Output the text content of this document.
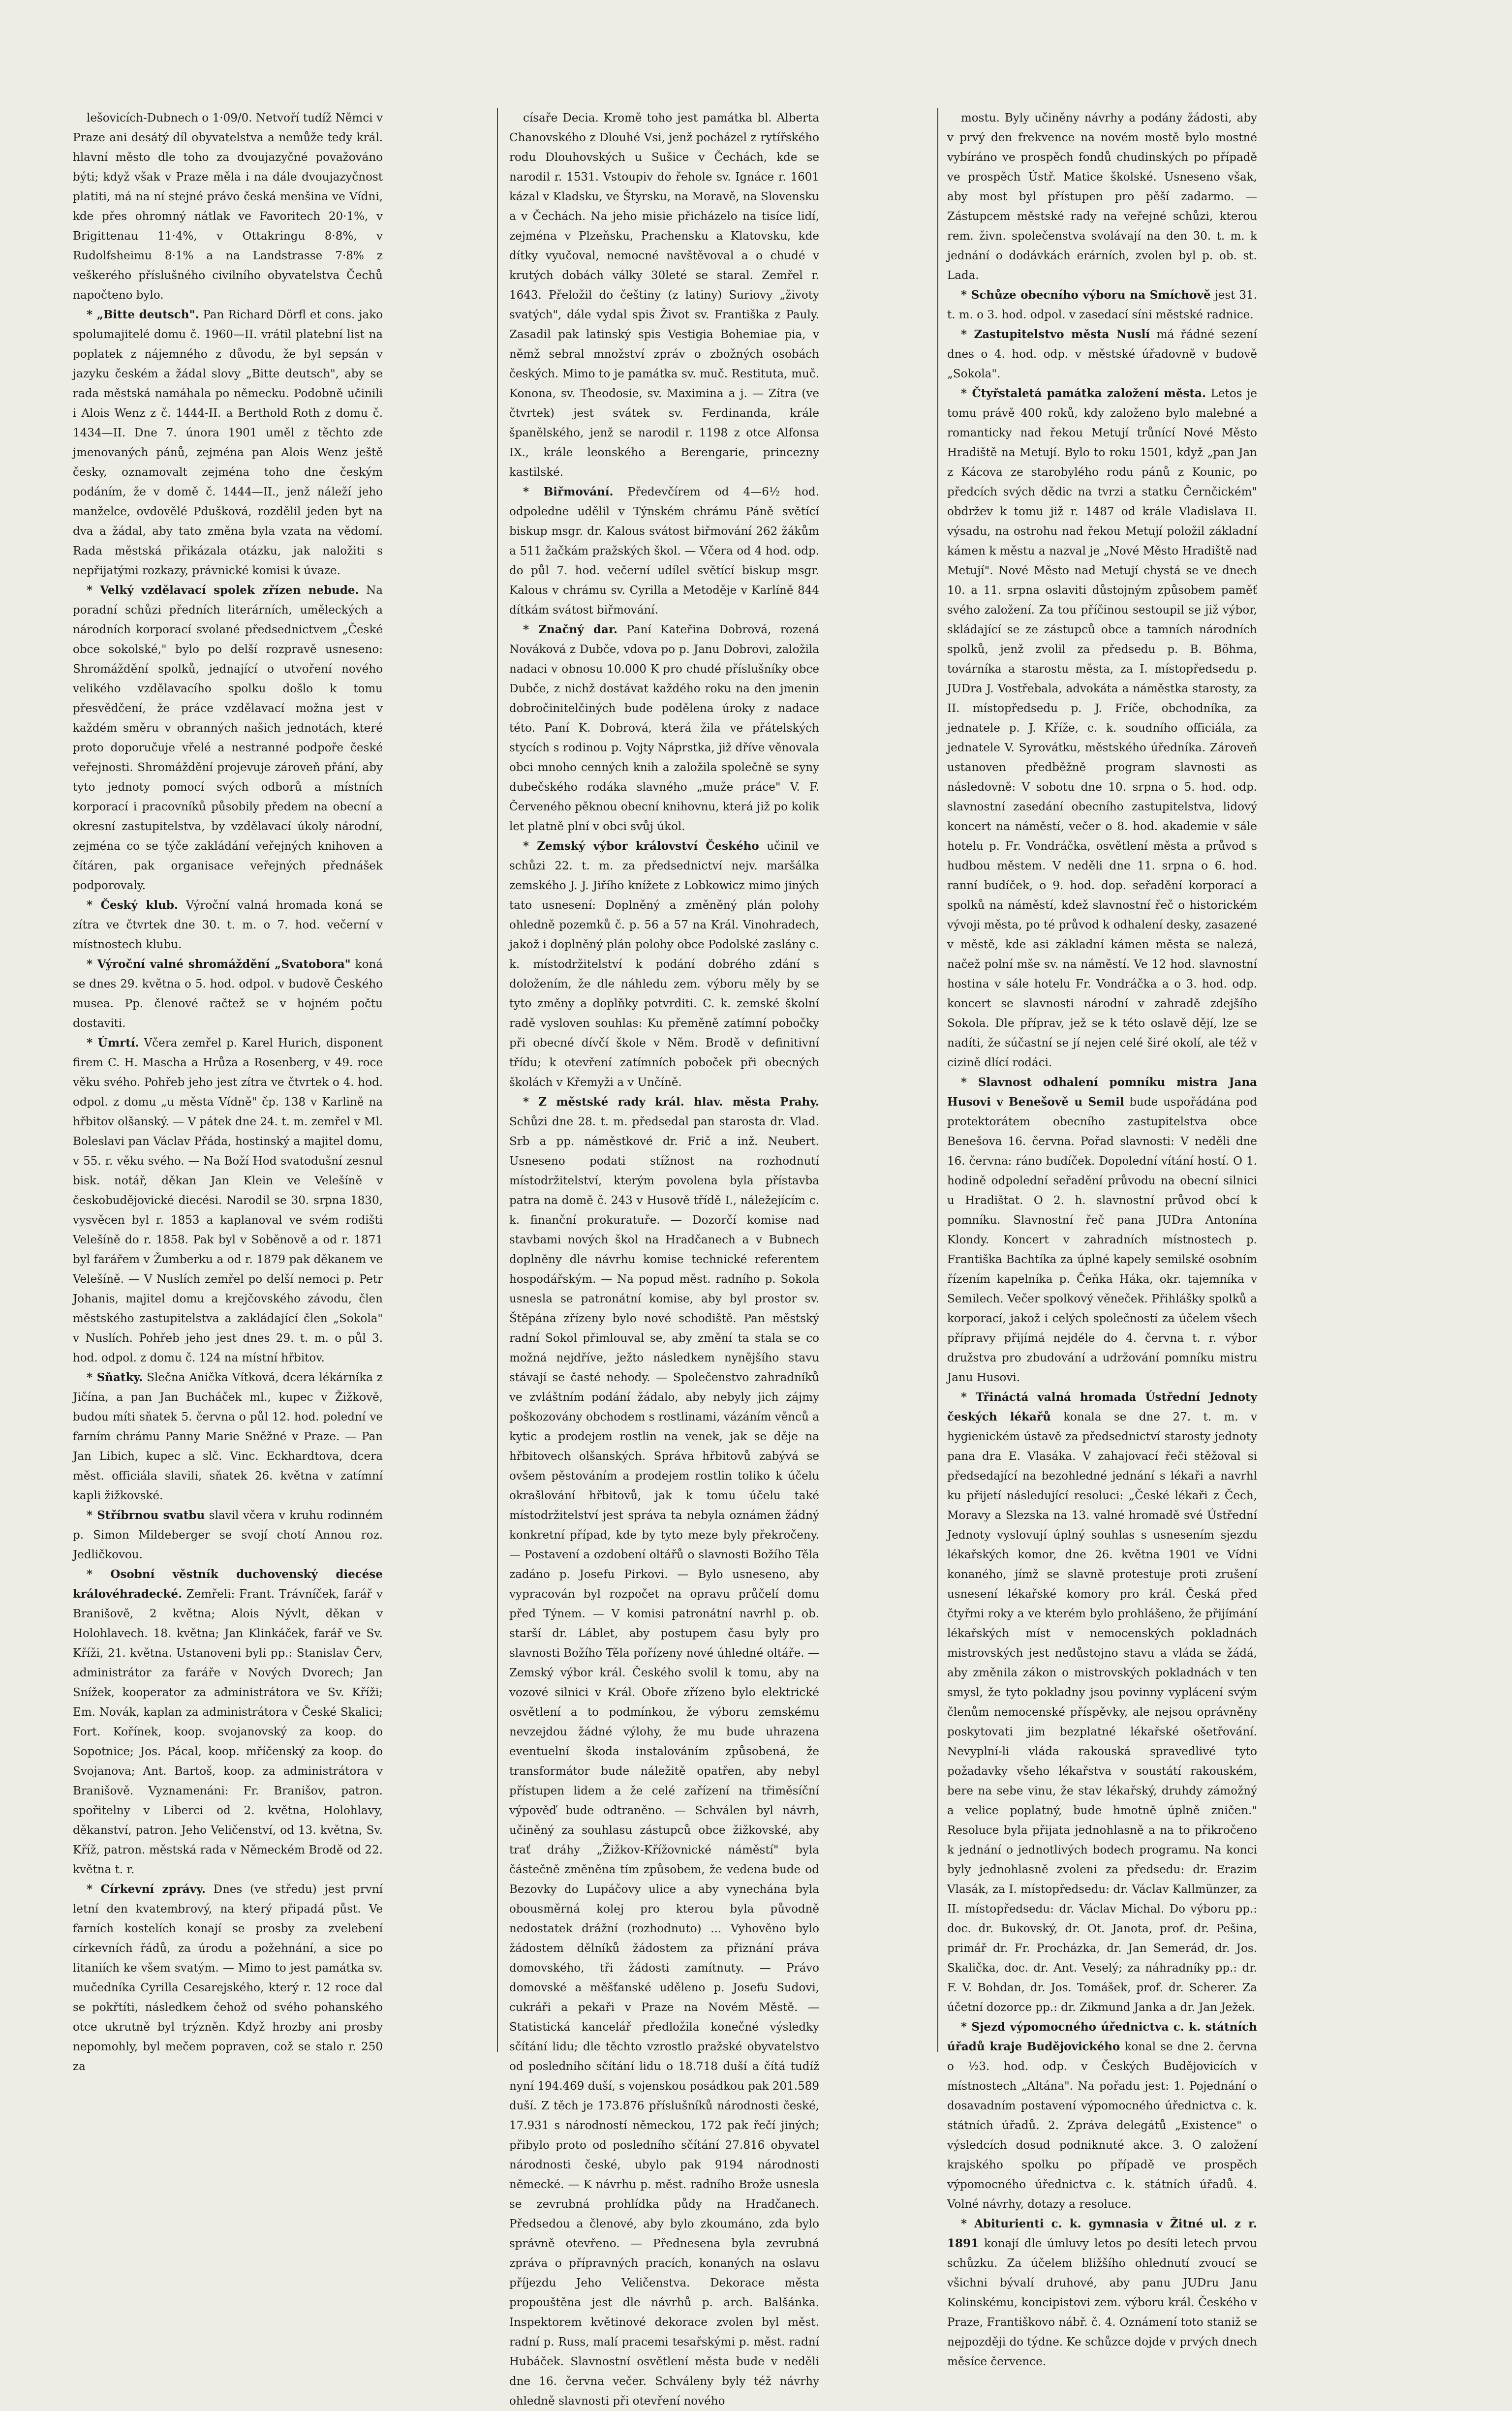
lešovicích-Dubnech o 1·09/0. Netvoří tudíž Němci v Praze ani desátý díl obyvatelstva a nemůže tedy král. hlavní město dle toho za dvoujazyčné považováno býti; když však v Praze měla i na dále dvoujazyčnost platiti, má na ní stejné právo česká menšina ve Vídni, kde přes ohromný nátlak ve Favoritech 20·1%, v Brigittenau 11·4%, v Ottakringu 8·8%, v Rudolfsheimu 8·1% a na Landstrasse 7·8% z veškerého příslušného civilního obyvatelstva Čechů napočteno bylo.

* „Bitte deutsch". Pan Richard Dörfl et cons. jako spolumajitelé domu č. 1960—II. vrátil platební list na poplatek z nájemného z důvodu, že byl sepsán v jazyku českém a žádal slovy „Bitte deutsch", aby se rada městská namáhala po německu. Podobně učinili i Alois Wenz z č. 1444-II. a Berthold Roth z domu č. 1434—II. Dne 7. února 1901 uměl z těchto zde jmenovaných pánů, zejména pan Alois Wenz ještě česky, oznamovalt zejména toho dne českým podáním, že v domě č. 1444—II., jenž náleží jeho manželce, ovdovělé Pdušková, rozdělil jeden byt na dva a žádal, aby tato změna byla vzata na vědomí. Rada městská přikázala otázku, jak naložiti s nepřijatými rozkazy, právnické komisi k úvaze.

* Velký vzdělavací spolek zřízen nebude. Na poradní schůzi předních literárních, uměleckých a národních korporací svolané předsednictvem „České obce sokolské," bylo po delší rozpravě usneseno: Shromáždění spolků, jednající o utvoření nového velikého vzdělavacího spolku došlo k tomu přesvědčení, že práce vzdělavací možna jest v každém směru v obranných našich jednotách, které proto doporučuje vřelé a nestranné podpoře české veřejnosti. Shromáždění projevuje zároveň přání, aby tyto jednoty pomocí svých odborů a místních korporací i pracovníků působily předem na obecní a okresní zastupitelstva, by vzdělavací úkoly národní, zejména co se týče zakládání veřejných knihoven a čítáren, pak organisace veřejných přednášek podporovaly.

* Český klub. Výroční valná hromada koná se zítra ve čtvrtek dne 30. t. m. o 7. hod. večerní v místnostech klubu.

* Výroční valné shromáždění „Svatobora" koná se dnes 29. května o 5. hod. odpol. v budově Českého musea. Pp. členové račtež se v hojném počtu dostaviti.

* Úmrtí. Včera zemřel p. Karel Hurich, disponent firem C. H. Mascha a Hrůza a Rosenberg, v 49. roce věku svého. Pohřeb jeho jest zítra ve čtvrtek o 4. hod. odpol. z domu „u města Vídně" čp. 138 v Karlině na hřbitov olšanský. — V pátek dne 24. t. m. zemřel v Ml. Boleslavi pan Václav Přáda, hostinský a majitel domu, v 55. r. věku svého. — Na Boží Hod svatodušní zesnul bisk. notář, děkan Jan Klein ve Velešíně v českobudějovické diecési. Narodil se 30. srpna 1830, vysvěcen byl r. 1853 a kaplanoval ve svém rodišti Velešíně do r. 1858. Pak byl v Soběnově a od r. 1871 byl farářem v Žumberku a od r. 1879 pak děkanem ve Velešíně. — V Nuslích zemřel po delší nemoci p. Petr Johanis, majitel domu a krejčovského závodu, člen městského zastupitelstva a zakládající člen „Sokola" v Nuslích. Pohřeb jeho jest dnes 29. t. m. o půl 3. hod. odpol. z domu č. 124 na místní hřbitov.

* Sňatky. Slečna Anička Vítková, dcera lékárníka z Jičína, a pan Jan Bucháček ml., kupec v Žižkově, budou míti sňatek 5. června o půl 12. hod. polední ve farním chrámu Panny Marie Sněžné v Praze. — Pan Jan Libich, kupec a slč. Vinc. Eckhardtova, dcera měst. officiála slavili, sňatek 26. května v zatímní kapli žižkovské.

* Stříbrnou svatbu slavil včera v kruhu rodinném p. Simon Mildeberger se svojí chotí Annou roz. Jedličkovou.

* Osobní věstník duchovenský diecése královéhradecké. Zemřeli: Frant. Trávníček, farář v Branišově, 2 května; Alois Nývlt, děkan v Holohlavech. 18. května; Jan Klinkáček, farář ve Sv. Kříži, 21. května. Ustanoveni byli pp.: Stanislav Červ, administrátor za faráře v Nových Dvorech; Jan Snížek, kooperator za administrátora ve Sv. Kříži; Em. Novák, kaplan za administrátora v České Skalici; Fort. Kořínek, koop. svojanovský za koop. do Sopotnice; Jos. Pácal, koop. mříčenský za koop. do Svojanova; Ant. Bartoš, koop. za administrátora v Branišově. Vyznamenáni: Fr. Branišov, patron. spořitelny v Liberci od 2. května, Holohlavy, děkanství, patron. Jeho Veličenství, od 13. května, Sv. Kříž, patron. městská rada v Německém Brodě od 22. května t. r.

* Církevní zprávy. Dnes (ve středu) jest první letní den kvatembrový, na který připadá půst. Ve farních kostelích konají se prosby za zvelebení církevních řádů, za úrodu a požehnání, a sice po litaniích ke všem svatým. — Mimo to jest památka sv. mučedníka Cyrilla Cesarejského, který r. 12 roce dal se pokřtíti, následkem čehož od svého pohanského otce ukrutně byl trýzněn. Když hrozby ani prosby nepomohly, byl mečem popraven, což se stalo r. 250 za

císaře Decia. Kromě toho jest památka bl. Alberta Chanovského z Dlouhé Vsi, jenž pocházel z rytířského rodu Dlouhovských u Sušice v Čechách, kde se narodil r. 1531. Vstoupiv do řehole sv. Ignáce r. 1601 kázal v Kladsku, ve Štyrsku, na Moravě, na Slovensku a v Čechách. Na jeho misie přicházelo na tisíce lidí, zejména v Plzeňsku, Prachensku a Klatovsku, kde dítky vyučoval, nemocné navštěvoval a o chudé v krutých dobách války 30leté se staral. Zemřel r. 1643. Přeložil do češtiny (z latiny) Suriovy „životy svatých", dále vydal spis Život sv. Františka z Pauly. Zasadil pak latinský spis Vestigia Bohemiae pia, v němž sebral množství zpráv o zbožných osobách českých. Mimo to je památka sv. muč. Restituta, muč. Konona, sv. Theodosie, sv. Maximina a j. — Zítra (ve čtvrtek) jest svátek sv. Ferdinanda, krále španělského, jenž se narodil r. 1198 z otce Alfonsa IX., krále leonského a Berengarie, princezny kastilské.

* Biřmování. Předevčírem od 4—6½ hod. odpoledne udělil v Týnském chrámu Páně světící biskup msgr. dr. Kalous svátost biřmování 262 žákům a 511 žačkám pražských škol. — Včera od 4 hod. odp. do půl 7. hod. večerní udílel světící biskup msgr. Kalous v chrámu sv. Cyrilla a Metoděje v Karlíně 844 dítkám svátost biřmování.

* Značný dar. Paní Kateřina Dobrová, rozená Nováková z Dubče, vdova po p. Janu Dobrovi, založila nadaci v obnosu 10.000 K pro chudé příslušníky obce Dubče, z nichž dostávat každého roku na den jmenin dobročinitelčiných bude podělena úroky z nadace této. Paní K. Dobrová, která žila ve přátelských stycích s rodinou p. Vojty Náprstka, již dříve věnovala obci mnoho cenných knih a založila společně se syny dubečského rodáka slavného „muže práce" V. F. Červeného pěknou obecní knihovnu, která již po kolik let platně plní v obci svůj úkol.

* Zemský výbor království Českého učinil ve schůzi 22. t. m. za předsednictví nejv. maršálka zemského J. J. Jiřího knížete z Lobkowicz mimo jiných tato usnesení: Doplněný a změněný plán polohy ohledně pozemků č. p. 56 a 57 na Král. Vinohradech, jakož i doplněný plán polohy obce Podolské zaslány c. k. místodržitelství k podání dobrého zdání s doložením, že dle náhledu zem. výboru měly by se tyto změny a doplňky potvrditi. C. k. zemské školní radě vysloven souhlas: Ku přeměně zatímní pobočky při obecné dívčí škole v Něm. Brodě v definitivní třídu; k otevření zatímních poboček při obecných školách v Křemyži a v Unčíně.

* Z městské rady král. hlav. města Prahy. Schůzi dne 28. t. m. předsedal pan starosta dr. Vlad. Srb a pp. náměstkové dr. Frič a inž. Neubert. Usneseno podati stížnost na rozhodnutí místodržitelství, kterým povolena byla přístavba patra na domě č. 243 v Husově třídě I., náležejícím c. k. finanční prokuratuře. — Dozorčí komise nad stavbami nových škol na Hradčanech a v Bubnech doplněny dle návrhu komise technické referentem hospodářským. — Na popud měst. radního p. Sokola usnesla se patronátní komise, aby byl prostor sv. Štěpána zřízeny bylo nové schodiště. Pan městský radní Sokol přimlouval se, aby změní ta stala se co možná nejdříve, ježto následkem nynějšího stavu stávají se časté nehody. — Společenstvo zahradníků ve zvláštním podání žádalo, aby nebyly jich zájmy poškozovány obchodem s rostlinami, vázáním věnců a kytic a prodejem rostlin na venek, jak se děje na hřbitovech olšanských. Správa hřbitovů zabývá se ovšem pěstováním a prodejem rostlin toliko k účelu okrašlování hřbitovů, jak k tomu účelu také místodržitelství jest správa ta nebyla oznámen žádný konkretní případ, kde by tyto meze byly překročeny. — Postavení a ozdobení oltářů o slavnosti Božího Těla zadáno p. Josefu Pirkovi. — Bylo usneseno, aby vypracován byl rozpočet na opravu průčelí domu před Týnem. — V komisi patronátní navrhl p. ob. starší dr. Láblet, aby postupem času byly pro slavnosti Božího Těla pořízeny nové úhledné oltáře. — Zemský výbor král. Českého svolil k tomu, aby na vozové silnici v Král. Oboře zřízeno bylo elektrické osvětlení a to podmínkou, že výboru zemskému nevzejdou žádné výlohy, že mu bude uhrazena eventuelní škoda instalováním způsobená, že transformátor bude náležitě opatřen, aby nebyl přístupen lidem a že celé zařízení na třiměsíční výpověď bude odtraněno. — Schválen byl návrh, učiněný za souhlasu zástupců obce žižkovské, aby trať dráhy „Žižkov-Křížovnické náměstí" byla částečně změněna tím způsobem, že vedena bude od Bezovky do Lupáčovy ulice a aby vynechána byla obousměrná kolej pro kterou byla původně nedostatek drážní (rozhodnuto) ... Vyhověno bylo žádostem dělníků žádostem za přiznání práva domovského, tři žádosti zamítnuty. — Právo domovské a měšťanské uděleno p. Josefu Sudovi, cukráři a pekaři v Praze na Novém Městě. — Statistická kancelář předložila konečné výsledky sčítání lidu; dle těchto vzrostlo pražské obyvatelstvo od posledního sčítání lidu o 18.718 duší a čítá tudíž nyní 194.469 duší, s vojenskou posádkou pak 201.589 duší. Z těch je 173.876 příslušníků národnosti české, 17.931 s národností německou, 172 pak řečí jiných; přibylo proto od posledního sčítání 27.816 obyvatel národnosti české, ubylo pak 9194 národnosti německé. — K návrhu p. měst. radního Brože usnesla se zevrubná prohlídka půdy na Hradčanech. Předsedou a členové, aby bylo zkoumáno, zda bylo správně otevřeno. — Přednesena byla zevrubná zpráva o přípravných pracích, konaných na oslavu příjezdu Jeho Veličenstva. Dekorace města propouštěna jest dle návrhů p. arch. Balšánka. Inspektorem květinové dekorace zvolen byl měst. radní p. Russ, malí pracemi tesařskými p. měst. radní Hubáček. Slavnostní osvětlení města bude v neděli dne 16. června večer. Schváleny byly též návrhy ohledně slavnosti při otevření nového

mostu. Byly učiněny návrhy a podány žádosti, aby v prvý den frekvence na novém mostě bylo mostné vybíráno ve prospěch fondů chudinských po případě ve prospěch Ústř. Matice školské. Usneseno však, aby most byl přístupen pro pěší zadarmo. — Zástupcem městské rady na veřejné schůzi, kterou rem. živn. společenstva svolávají na den 30. t. m. k jednání o dodávkách erárních, zvolen byl p. ob. st. Lada.

* Schůze obecního výboru na Smíchově jest 31. t. m. o 3. hod. odpol. v zasedací síni městské radnice.

* Zastupitelstvo města Nuslí má řádné sezení dnes o 4. hod. odp. v městské úřadovně v budově „Sokola".

* Čtyřstaletá památka založení města. Letos je tomu právě 400 roků, kdy založeno bylo malebné a romanticky nad řekou Metují trůnící Nové Město Hradiště na Metují. Bylo to roku 1501, když „pan Jan z Kácova ze starobylého rodu pánů z Kounic, po předcích svých dědic na tvrzi a statku Černčickém" obdržev k tomu již r. 1487 od krále Vladislava II. výsadu, na ostrohu nad řekou Metují položil základní kámen k městu a nazval je „Nové Město Hradiště nad Metují". Nové Město nad Metují chystá se ve dnech 10. a 11. srpna oslaviti důstojným způsobem paměť svého založení. Za tou příčinou sestoupil se již výbor, skládající se ze zástupců obce a tamních národních spolků, jenž zvolil za předsedu p. B. Böhma, továrníka a starostu města, za I. místopředsedu p. JUDra J. Vostřebala, advokáta a náměstka starosty, za II. místopředsedu p. J. Fríče, obchodníka, za jednatele p. J. Kříže, c. k. soudního officiála, za jednatele V. Syrovátku, městského úředníka. Zároveň ustanoven předběžně program slavnosti as následovně: V sobotu dne 10. srpna o 5. hod. odp. slavnostní zasedání obecního zastupitelstva, lidový koncert na náměstí, večer o 8. hod. akademie v sále hotelu p. Fr. Vondráčka, osvětlení města a průvod s hudbou městem. V neděli dne 11. srpna o 6. hod. ranní budíček, o 9. hod. dop. seřadění korporací a spolků na náměstí, kdež slavnostní řeč o historickém vývoji města, po té průvod k odhalení desky, zasazené v městě, kde asi základní kámen města se nalezá, načež polní mše sv. na náměstí. Ve 12 hod. slavnostní hostina v sále hotelu Fr. Vondráčka a o 3. hod. odp. koncert se slavnosti národní v zahradě zdejšího Sokola. Dle příprav, jež se k této oslavě dějí, lze se nadíti, že súčastní se jí nejen celé širé okolí, ale též v cizině dlící rodáci.

* Slavnost odhalení pomníku mistra Jana Husovi v Benešově u Semil bude uspořádána pod protektorátem obecního zastupitelstva obce Benešova 16. června. Pořad slavnosti: V neděli dne 16. června: ráno budíček. Dopolední vítání hostí. O 1. hodině odpolední seřadění průvodu na obecní silnici u Hradištat. O 2. h. slavnostní průvod obcí k pomníku. Slavnostní řeč pana JUDra Antonína Klondy. Koncert v zahradních místnostech p. Františka Bachtíka za úplné kapely semilské osobním řízením kapelníka p. Čeňka Háka, okr. tajemníka v Semilech. Večer spolkový věneček. Přihlášky spolků a korporací, jakož i celých společností za účelem všech přípravy přijímá nejdéle do 4. června t. r. výbor družstva pro zbudování a udržování pomníku mistru Janu Husovi.

* Třináctá valná hromada Ústřední Jednoty českých lékařů konala se dne 27. t. m. v hygienickém ústavě za předsednictví starosty jednoty pana dra E. Vlasáka. V zahajovací řeči stěžoval si předsedající na bezohledné jednání s lékaři a navrhl ku přijetí následující resoluci: „České lékaři z Čech, Moravy a Slezska na 13. valné hromadě své Ústřední Jednoty vyslovují úplný souhlas s usnesením sjezdu lékařských komor, dne 26. května 1901 ve Vídni konaného, jímž se slavně protestuje proti zrušení usnesení lékařské komory pro král. Česká před čtyřmi roky a ve kterém bylo prohlášeno, že přijímání lékařských míst v nemocenských pokladnách mistrovských jest nedůstojno stavu a vláda se žádá, aby změnila zákon o mistrovských pokladnách v ten smysl, že tyto pokladny jsou povinny vyplácení svým členům nemocenské příspěvky, ale nejsou oprávněny poskytovati jim bezplatné lékařské ošetřování. Nevyplní-li vláda rakouská spravedlivé tyto požadavky všeho lékařstva v soustátí rakouském, bere na sebe vinu, že stav lékařský, druhdy zámožný a velice poplatný, bude hmotně úplně zničen." Resoluce byla přijata jednohlasně a na to přikročeno k jednání o jednotlivých bodech programu. Na konci byly jednohlasně zvoleni za předsedu: dr. Erazim Vlasák, za I. místopředsedu: dr. Václav Kallmünzer, za II. místopředsedu: dr. Václav Michal. Do výboru pp.: doc. dr. Bukovský, dr. Ot. Janota, prof. dr. Pešina, primář dr. Fr. Procházka, dr. Jan Semerád, dr. Jos. Skalička, doc. dr. Ant. Veselý; za náhradníky pp.: dr. F. V. Bohdan, dr. Jos. Tomášek, prof. dr. Scherer. Za účetní dozorce pp.: dr. Zikmund Janka a dr. Jan Ježek.

* Sjezd výpomocného úřednictva c. k. státních úřadů kraje Budějovického konal se dne 2. června o ½3. hod. odp. v Českých Budějovicích v místnostech „Altána". Na pořadu jest: 1. Pojednání o dosavadním postavení výpomocného úřednictva c. k. státních úřadů. 2. Zpráva delegátů „Existence" o výsledcích dosud podniknuté akce. 3. O založení krajského spolku po případě ve prospěch výpomocného úřednictva c. k. státních úřadů. 4. Volné návrhy, dotazy a resoluce.

* Abiturienti c. k. gymnasia v Žitné ul. z r. 1891 konají dle úmluvy letos po desíti letech prvou schůzku. Za účelem bližšího ohlednutí zvoucí se všichni bývalí druhové, aby panu JUDru Janu Kolinskému, koncipistovi zem. výboru král. Českého v Praze, Františkovo nábř. č. 4. Oznámení toto staniž se nejpozději do týdne. Ke schůzce dojde v prvých dnech měsíce července.
